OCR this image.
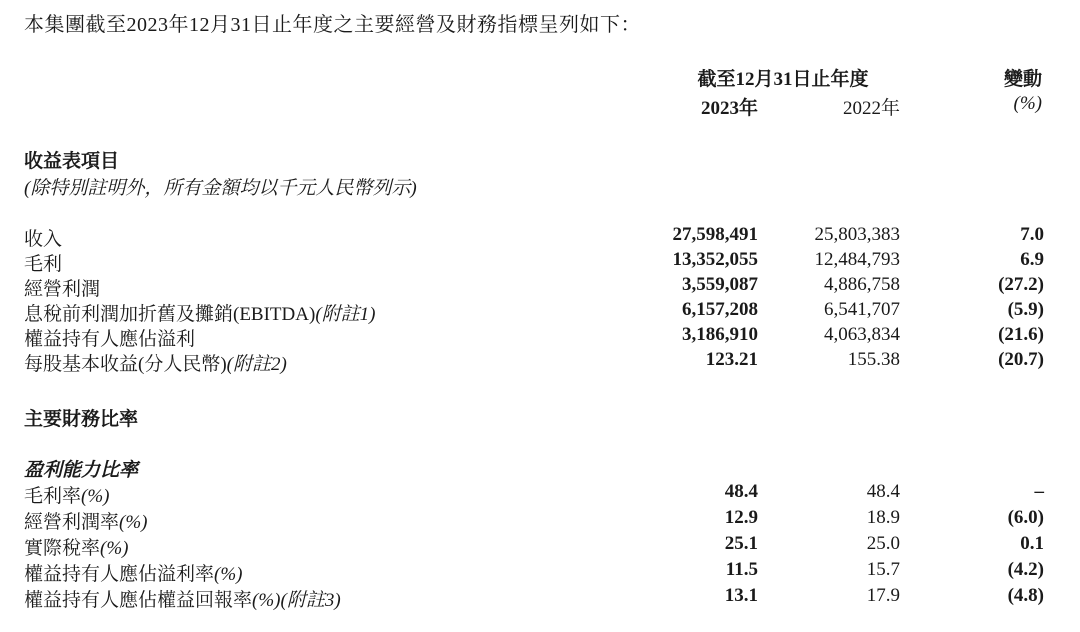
本集團截至2023年12月31日止年度之主要經營及財務指標呈列如下：
截至12月31日止年度
2023年	2022年
變動
(%)
收益表項目
(除特別註明外，所有金額均以千元人民幣列示)
收入	27,598,491	25,803,383	7.0
毛利	13,352,055	12,484,793	6.9
經營利潤	3,559,087	4,886,758	(27.2)
息稅前利潤加折舊及攤銷(EBITDA)(附註1)	6,157,208	6,541,707	(5.9)
權益持有人應佔溢利	3,186,910	4,063,834	(21.6)
每股基本收益(分人民幣)(附註2)	123.21	155.38	(20.7)
主要財務比率
盈利能力比率
毛利率(%)	48.4	48.4	–
經營利潤率(%)	12.9	18.9	(6.0)
實際稅率(%)	25.1	25.0	0.1
權益持有人應佔溢利率(%)	11.5	15.7	(4.2)
權益持有人應佔權益回報率(%)(附註3)	13.1	17.9	(4.8)
